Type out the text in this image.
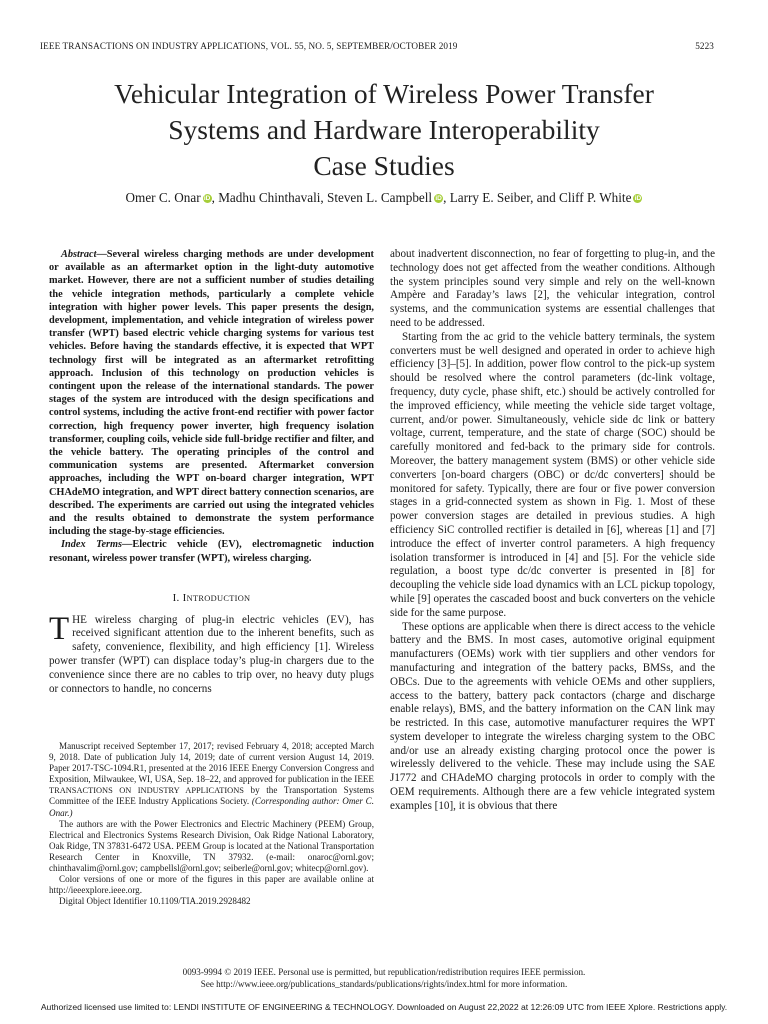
IEEE TRANSACTIONS ON INDUSTRY APPLICATIONS, VOL. 55, NO. 5, SEPTEMBER/OCTOBER 2019	5223
Vehicular Integration of Wireless Power Transfer
Systems and Hardware Interoperability
Case Studies
Omer C. Onar iD, Madhu Chinthavali, Steven L. Campbell iD, Larry E. Seiber, and Cliff P. White iD

Abstract—Several wireless charging methods are under development or available as an aftermarket option in the light-duty automotive market. However, there are not a sufficient number of studies detailing the vehicle integration methods, particularly a complete vehicle integration with higher power levels. This paper presents the design, development, implementation, and vehicle integration of wireless power transfer (WPT) based electric vehicle charging systems for various test vehicles. Before having the standards effective, it is expected that WPT technology first will be integrated as an aftermarket retrofitting approach. Inclusion of this technology on production vehicles is contingent upon the release of the international standards. The power stages of the system are introduced with the design specifications and control systems, including the active front-end rectifier with power factor correction, high frequency power inverter, high frequency isolation transformer, coupling coils, vehicle side full-bridge rectifier and filter, and the vehicle battery. The operating principles of the control and communication systems are presented. Aftermarket conversion approaches, including the WPT on-board charger integration, WPT CHAdeMO integration, and WPT direct battery connection scenarios, are described. The experiments are carried out using the integrated vehicles and the results obtained to demonstrate the system performance including the stage-by-stage efficiencies.

Index Terms—Electric vehicle (EV), electromagnetic induction resonant, wireless power transfer (WPT), wireless charging.

I. INTRODUCTION

THE wireless charging of plug-in electric vehicles (EV), has received significant attention due to the inherent benefits, such as safety, convenience, flexibility, and high efficiency [1]. Wireless power transfer (WPT) can displace today’s plug-in chargers due to the convenience since there are no cables to trip over, no heavy duty plugs or connectors to handle, no concerns

Manuscript received September 17, 2017; revised February 4, 2018; accepted March 9, 2018. Date of publication July 14, 2019; date of current version August 14, 2019. Paper 2017-TSC-1094.R1, presented at the 2016 IEEE Energy Conversion Congress and Exposition, Milwaukee, WI, USA, Sep. 18–22, and approved for publication in the IEEE TRANSACTIONS ON INDUSTRY APPLICATIONS by the Transportation Systems Committee of the IEEE Industry Applications Society. (Corresponding author: Omer C. Onar.)

The authors are with the Power Electronics and Electric Machinery (PEEM) Group, Electrical and Electronics Systems Research Division, Oak Ridge National Laboratory, Oak Ridge, TN 37831-6472 USA. PEEM Group is located at the National Transportation Research Center in Knoxville, TN 37932. (e-mail: onaroc@ornl.gov; chinthavalim@ornl.gov; campbellsl@ornl.gov; seiberle@ornl.gov; whitecp@ornl.gov).

Color versions of one or more of the figures in this paper are available online at http://ieeexplore.ieee.org.

Digital Object Identifier 10.1109/TIA.2019.2928482

about inadvertent disconnection, no fear of forgetting to plug-in, and the technology does not get affected from the weather conditions. Although the system principles sound very simple and rely on the well-known Ampère and Faraday’s laws [2], the vehicular integration, control systems, and the communication systems are essential challenges that need to be addressed.

Starting from the ac grid to the vehicle battery terminals, the system converters must be well designed and operated in order to achieve high efficiency [3]–[5]. In addition, power flow control to the pick-up system should be resolved where the control parameters (dc-link voltage, frequency, duty cycle, phase shift, etc.) should be actively controlled for the improved efficiency, while meeting the vehicle side target voltage, current, and/or power. Simultaneously, vehicle side dc link or battery voltage, current, temperature, and the state of charge (SOC) should be carefully monitored and fed-back to the primary side for controls. Moreover, the battery management system (BMS) or other vehicle side converters [on-board chargers (OBC) or dc/dc converters] should be monitored for safety. Typically, there are four or five power conversion stages in a grid-connected system as shown in Fig. 1. Most of these power conversion stages are detailed in previous studies. A high efficiency SiC controlled rectifier is detailed in [6], whereas [1] and [7] introduce the effect of inverter control parameters. A high frequency isolation transformer is introduced in [4] and [5]. For the vehicle side regulation, a boost type dc/dc converter is presented in [8] for decoupling the vehicle side load dynamics with an LCL pickup topology, while [9] operates the cascaded boost and buck converters on the vehicle side for the same purpose.

These options are applicable when there is direct access to the vehicle battery and the BMS. In most cases, automotive original equipment manufacturers (OEMs) work with tier suppliers and other vendors for manufacturing and integration of the battery packs, BMSs, and the OBCs. Due to the agreements with vehicle OEMs and other suppliers, access to the battery, battery pack contactors (charge and discharge enable relays), BMS, and the battery information on the CAN link may be restricted. In this case, automotive manufacturer requires the WPT system developer to integrate the wireless charging system to the OBC and/or use an already existing charging protocol once the power is wirelessly delivered to the vehicle. These may include using the SAE J1772 and CHAdeMO charging protocols in order to comply with the OEM requirements. Although there are a few vehicle integrated system examples [10], it is obvious that there

0093-9994 © 2019 IEEE. Personal use is permitted, but republication/redistribution requires IEEE permission.
See http://www.ieee.org/publications_standards/publications/rights/index.html for more information.
Authorized licensed use limited to: LENDI INSTITUTE OF ENGINEERING & TECHNOLOGY. Downloaded on August 22,2022 at 12:26:09 UTC from IEEE Xplore. Restrictions apply.
